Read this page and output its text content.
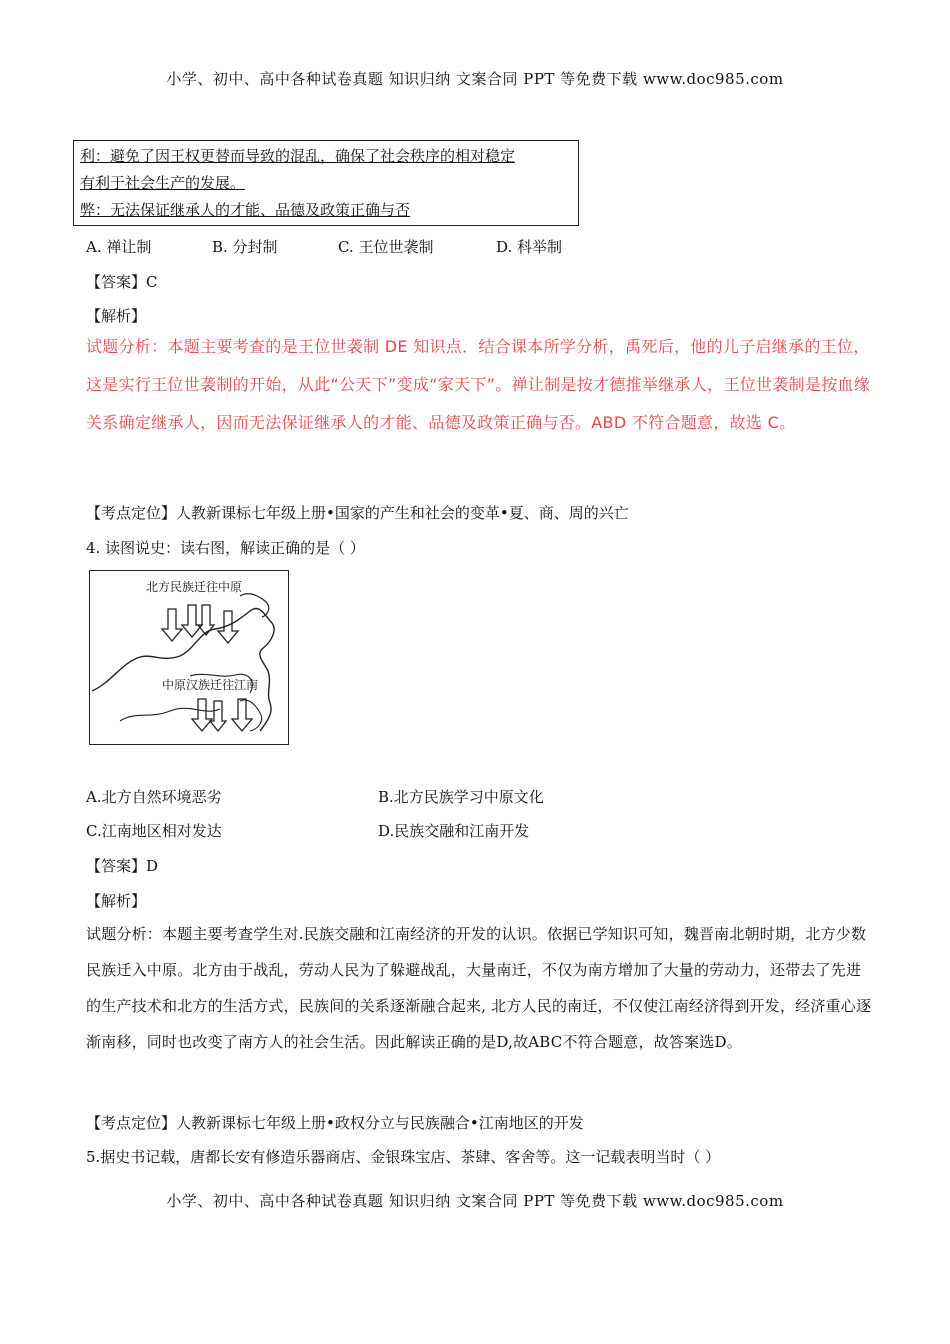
小学、初中、高中各种试卷真题 知识归纳 文案合同 PPT 等免费下载 www.doc985.com
利：避免了因王权更替而导致的混乱，确保了社会秩序的相对稳定
有利于社会生产的发展。
弊：无法保证继承人的才能、品德及政策正确与否
A. 禅让制	B. 分封制	C. 王位世袭制	D. 科举制
【答案】C
【解析】
试题分析：本题主要考查的是王位世袭制 DE 知识点．结合课本所学分析，禹死后，他的儿子启继承的王位，这是实行王位世袭制的开始，从此“公天下”变成“家天下”。禅让制是按才德推举继承人，王位世袭制是按血缘关系确定继承人，因而无法保证继承人的才能、品德及政策正确与否。ABD 不符合题意，故选 C。
【考点定位】人教新课标七年级上册•国家的产生和社会的变革•夏、商、周的兴亡
4. 读图说史：读右图，解读正确的是（ ）
北方民族迁往中原
中原汉族迁往江南
A.北方自然环境恶劣	B.北方民族学习中原文化
C.江南地区相对发达	D.民族交融和江南开发
【答案】D
【解析】
试题分析：本题主要考查学生对.民族交融和江南经济的开发的认识。依据已学知识可知，魏晋南北朝时期，北方少数民族迁入中原。北方由于战乱，劳动人民为了躲避战乱，大量南迁，不仅为南方增加了大量的劳动力，还带去了先进的生产技术和北方的生活方式，民族间的关系逐渐融合起来, 北方人民的南迁，不仅使江南经济得到开发，经济重心逐渐南移，同时也改变了南方人的社会生活。因此解读正确的是D,故ABC不符合题意，故答案选D。
【考点定位】人教新课标七年级上册•政权分立与民族融合•江南地区的开发
5.据史书记载，唐都长安有修造乐器商店、金银珠宝店、茶肆、客舍等。这一记载表明当时（ ）
小学、初中、高中各种试卷真题 知识归纳 文案合同 PPT 等免费下载 www.doc985.com
